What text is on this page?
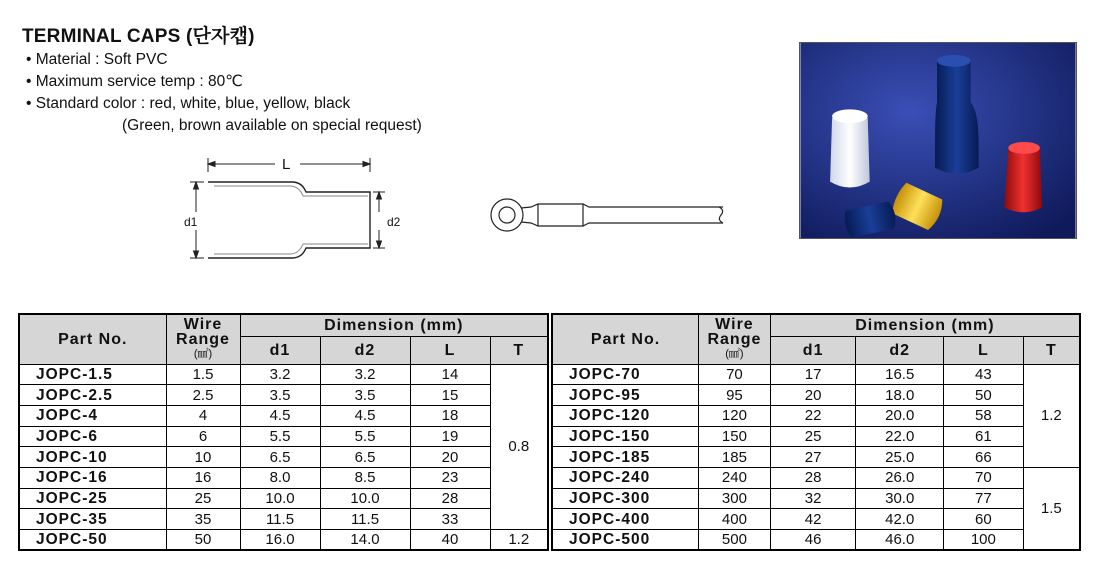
TERMINAL CAPS (단자캡)
• Material : Soft PVC
• Maximum service temp : 80℃
• Standard color : red, white, blue, yellow, black
(Green, brown available on special request)
L
d1	d2
Part No.	Wire
Range
(㎟)	Dimension (mm)			
		d1	d2	L	T
JOPC-1.5	1.5	3.2	3.2	14	0.8
JOPC-2.5	2.5	3.5	3.5	15	
JOPC-4	4	4.5	4.5	18	
JOPC-6	6	5.5	5.5	19	
JOPC-10	10	6.5	6.5	20	
JOPC-16	16	8.0	8.5	23	
JOPC-25	25	10.0	10.0	28	
JOPC-35	35	11.5	11.5	33	
JOPC-50	50	16.0	14.0	40	1.2
Part No.	Wire
Range
(㎟)	Dimension (mm)			
		d1	d2	L	T
JOPC-70	70	17	16.5	43	1.2
JOPC-95	95	20	18.0	50	
JOPC-120	120	22	20.0	58	
JOPC-150	150	25	22.0	61	
JOPC-185	185	27	25.0	66	
JOPC-240	240	28	26.0	70	1.5
JOPC-300	300	32	30.0	77	
JOPC-400	400	42	42.0	60	
JOPC-500	500	46	46.0	100	
